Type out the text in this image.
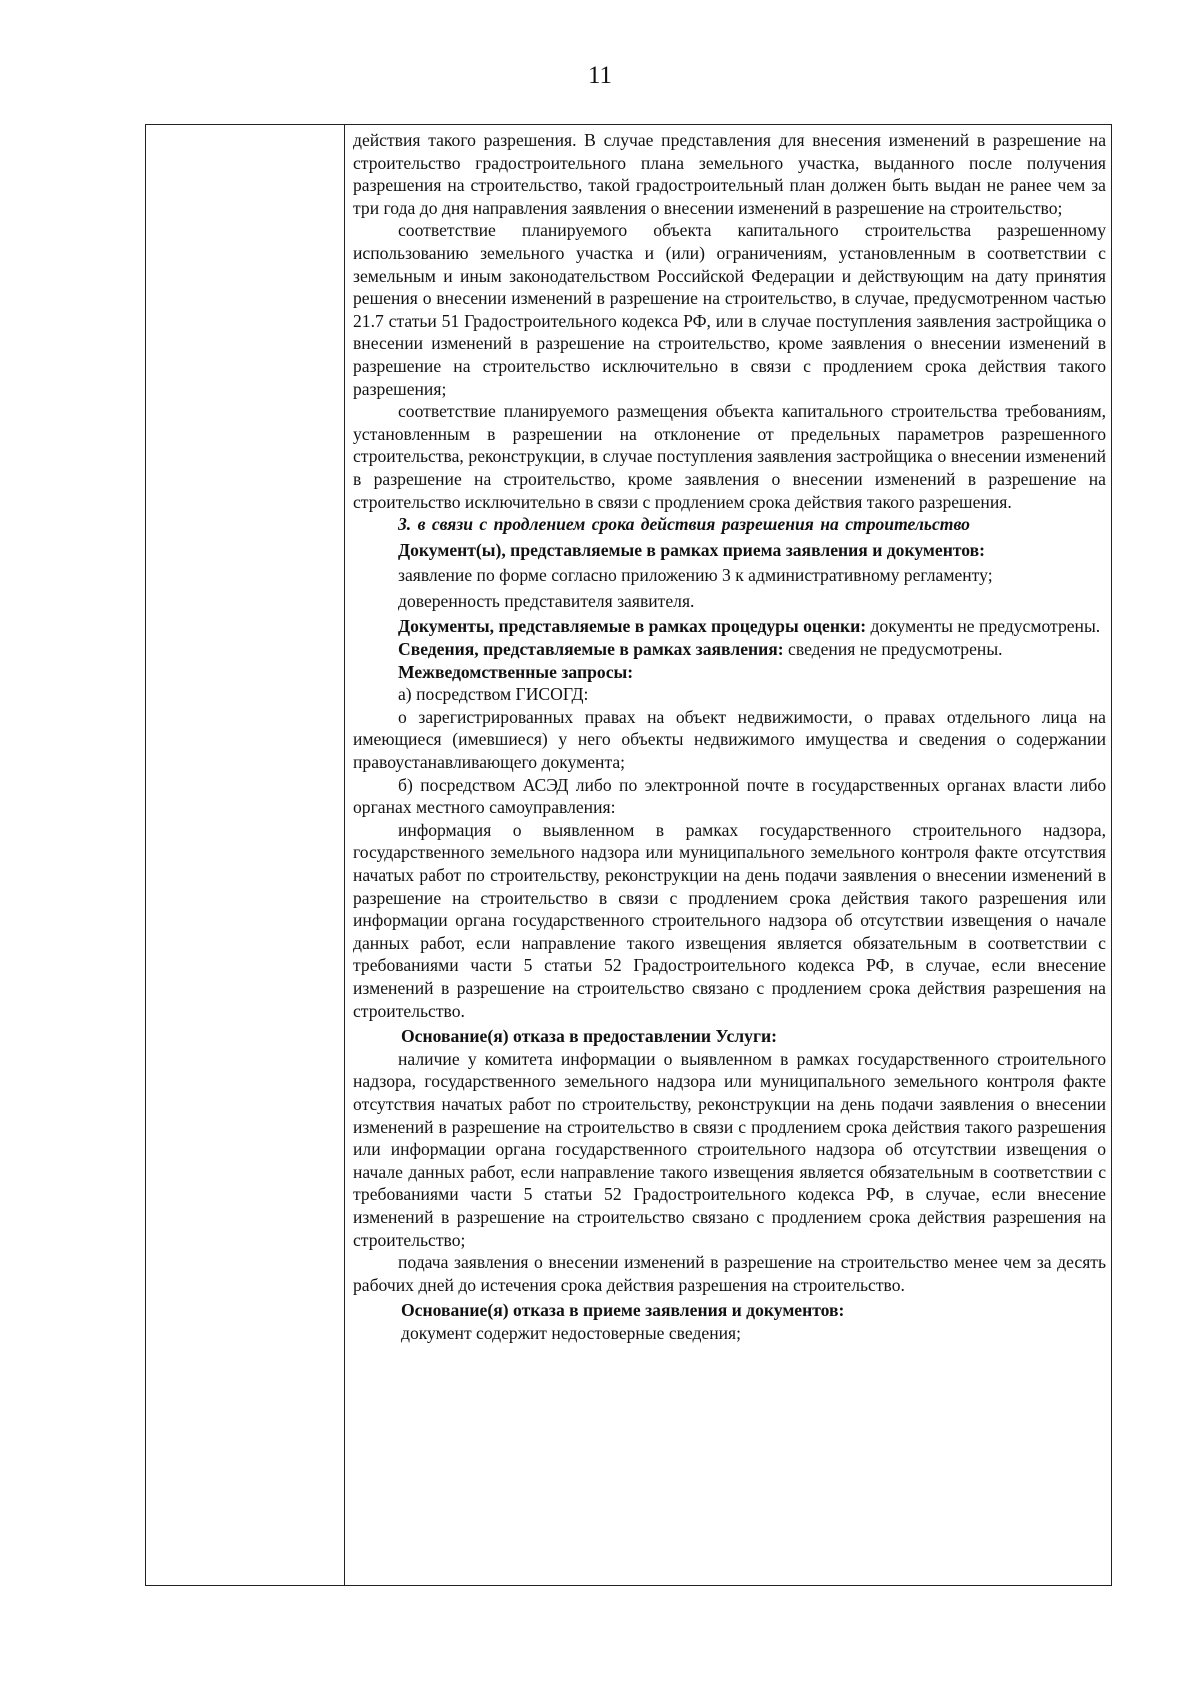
11

действия такого разрешения. В случае представления для внесения изменений в разрешение на строительство градостроительного плана земельного участка, выданного после получения разрешения на строительство, такой градостроительный план должен быть выдан не ранее чем за три года до дня направления заявления о внесении изменений в разрешение на строительство;

соответствие планируемого объекта капитального строительства разрешенному использованию земельного участка и (или) ограничениям, установленным в соответствии с земельным и иным законодательством Российской Федерации и действующим на дату принятия решения о внесении изменений в разрешение на строительство, в случае, предусмотренном частью 21.7 статьи 51 Градостроительного кодекса РФ, или в случае поступления заявления застройщика о внесении изменений в разрешение на строительство, кроме заявления о внесении изменений в разрешение на строительство исключительно в связи с продлением срока действия такого разрешения;

соответствие планируемого размещения объекта капитального строительства требованиям, установленным в разрешении на отклонение от предельных параметров разрешенного строительства, реконструкции, в случае поступления заявления застройщика о внесении изменений в разрешение на строительство, кроме заявления о внесении изменений в разрешение на строительство исключительно в связи с продлением срока действия такого разрешения.

3. в связи с продлением срока действия разрешения на строительство

Документ(ы), представляемые в рамках приема заявления и документов:

заявление по форме согласно приложению 3 к административному регламенту;

доверенность представителя заявителя.

Документы, представляемые в рамках процедуры оценки: документы не предусмотрены.

Сведения, представляемые в рамках заявления: сведения не предусмотрены.

Межведомственные запросы:

а) посредством ГИСОГД:

о зарегистрированных правах на объект недвижимости, о правах отдельного лица на имеющиеся (имевшиеся) у него объекты недвижимого имущества и сведения о содержании правоустанавливающего документа;

б) посредством АСЭД либо по электронной почте в государственных органах власти либо органах местного самоуправления:

информация о выявленном в рамках государственного строительного надзора, государственного земельного надзора или муниципального земельного контроля факте отсутствия начатых работ по строительству, реконструкции на день подачи заявления о внесении изменений в разрешение на строительство в связи с продлением срока действия такого разрешения или информации органа государственного строительного надзора об отсутствии извещения о начале данных работ, если направление такого извещения является обязательным в соответствии с требованиями части 5 статьи 52 Градостроительного кодекса РФ, в случае, если внесение изменений в разрешение на строительство связано с продлением срока действия разрешения на строительство.

Основание(я) отказа в предоставлении Услуги:

наличие у комитета информации о выявленном в рамках государственного строительного надзора, государственного земельного надзора или муниципального земельного контроля факте отсутствия начатых работ по строительству, реконструкции на день подачи заявления о внесении изменений в разрешение на строительство в связи с продлением срока действия такого разрешения или информации органа государственного строительного надзора об отсутствии извещения о начале данных работ, если направление такого извещения является обязательным в соответствии с требованиями части 5 статьи 52 Градостроительного кодекса РФ, в случае, если внесение изменений в разрешение на строительство связано с продлением срока действия разрешения на строительство;

подача заявления о внесении изменений в разрешение на строительство менее чем за десять рабочих дней до истечения срока действия разрешения на строительство.

Основание(я) отказа в приеме заявления и документов:

документ содержит недостоверные сведения;
